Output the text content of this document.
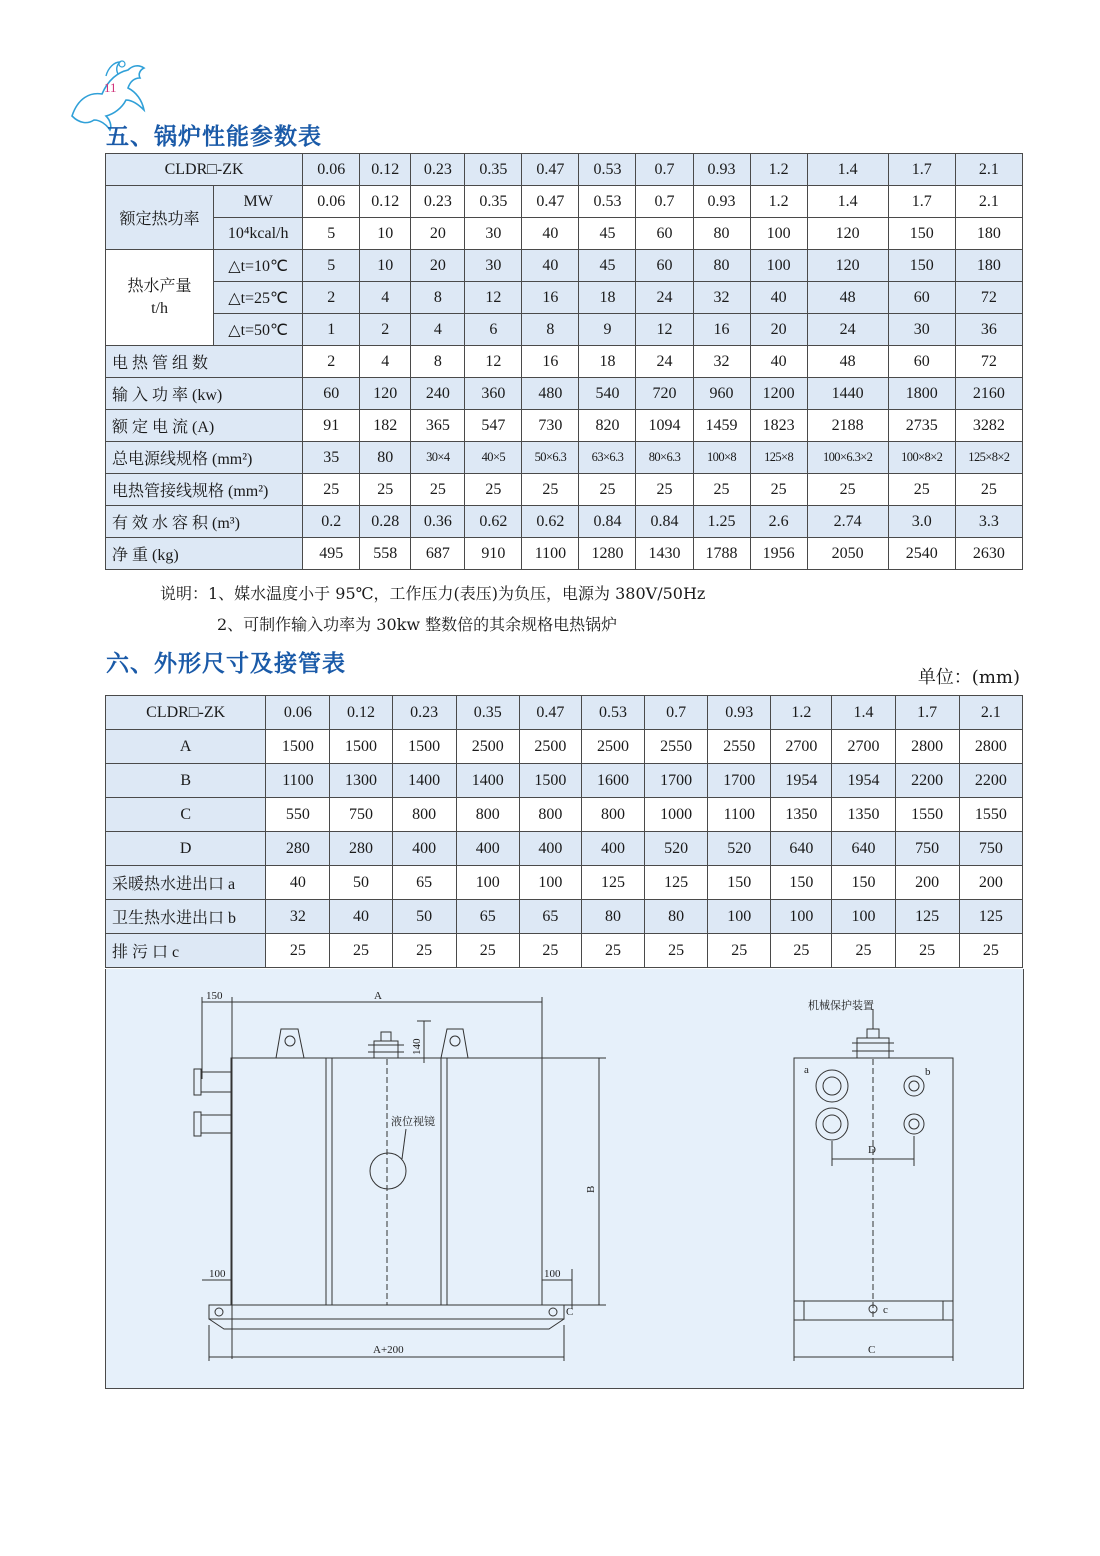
11
五、锅炉性能参数表
CLDR□-ZK		0.06	0.12	0.23	0.35	0.47	0.53	0.7	0.93	1.2	1.4	1.7	2.1
额定热功率	MW	0.06	0.12	0.23	0.35	0.47	0.53	0.7	0.93	1.2	1.4	1.7	2.1
	10⁴kcal/h	5	10	20	30	40	45	60	80	100	120	150	180

热水产量
t/h	△t=10℃	5	10	20	30	40	45	60	80	100	120	150	180
	△t=25℃	2	4	8	12	16	18	24	32	40	48	60	72
	△t=50℃	1	2	4	6	8	9	12	16	20	24	30	36
电 热 管 组 数		2	4	8	12	16	18	24	32	40	48	60	72
输 入 功 率 (kw)		60	120	240	360	480	540	720	960	1200	1440	1800	2160
额 定 电 流 (A)		91	182	365	547	730	820	1094	1459	1823	2188	2735	3282
总电源线规格 (mm²)		35	80	30×4	40×5	50×6.3	63×6.3	80×6.3	100×8	125×8	100×6.3×2	100×8×2	125×8×2
电热管接线规格 (mm²)		25	25	25	25	25	25	25	25	25	25	25	25
有 效 水 容 积 (m³)		0.2	0.28	0.36	0.62	0.62	0.84	0.84	1.25	2.6	2.74	3.0	3.3
净 重 (kg)		495	558	687	910	1100	1280	1430	1788	1956	2050	2540	2630
说明：1、媒水温度小于 95℃，工作压力(表压)为负压，电源为 380V/50Hz
2、可制作输入功率为 30kw 整数倍的其余规格电热锅炉
六、外形尺寸及接管表
单位：(mm)
CLDR□-ZK	0.06	0.12	0.23	0.35	0.47	0.53	0.7	0.93	1.2	1.4	1.7	2.1
A	1500	1500	1500	2500	2500	2500	2550	2550	2700	2700	2800	2800
B	1100	1300	1400	1400	1500	1600	1700	1700	1954	1954	2200	2200
C	550	750	800	800	800	800	1000	1100	1350	1350	1550	1550
D	280	280	400	400	400	400	520	520	640	640	750	750
采暖热水进出口 a	40	50	65	100	100	125	125	150	150	150	200	200
卫生热水进出口 b	32	40	50	65	65	80	80	100	100	100	125	125
排 污 口 c	25	25	25	25	25	25	25	25	25	25	25	25
150	A
140
液位视镜
B
100	100
C
A+200
机械保护装置
a	b
D
c
C
